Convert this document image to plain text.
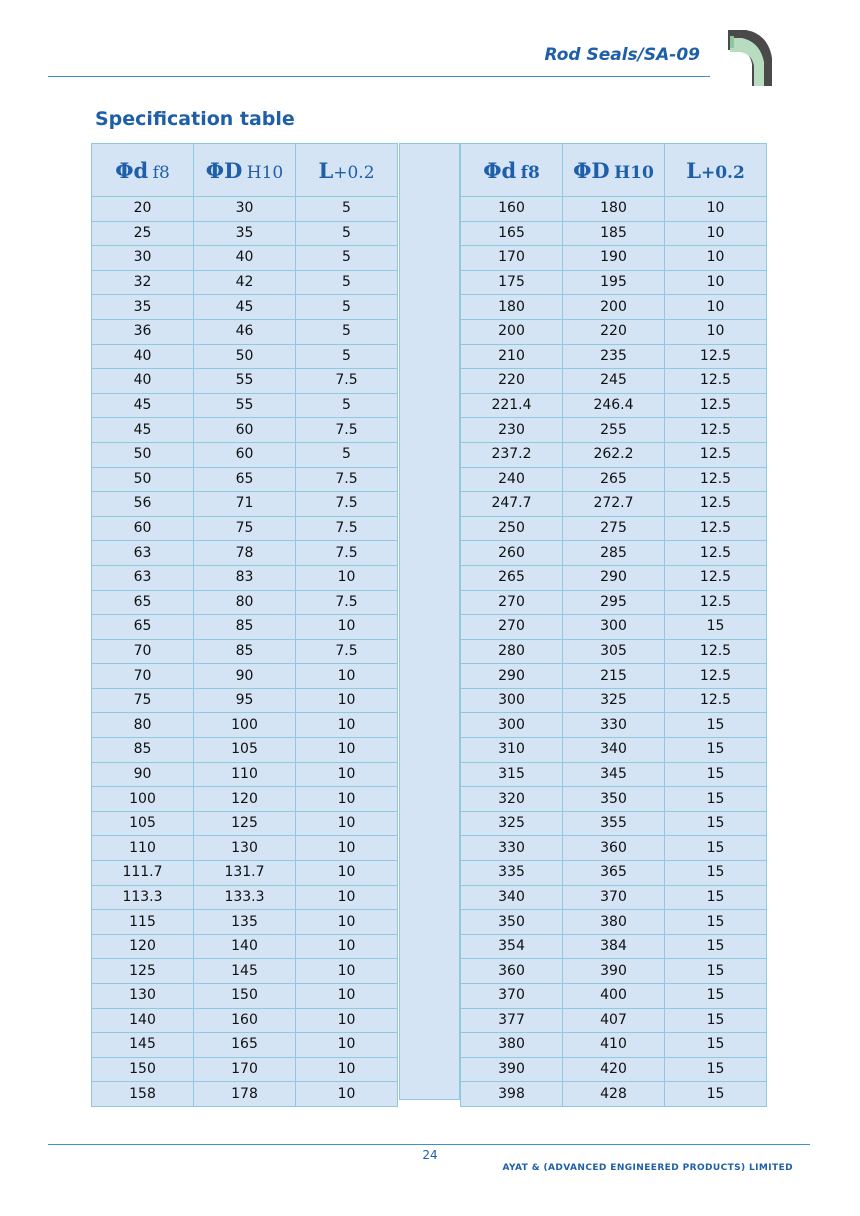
Rod Seals/SA-09
Specification table
Φd f8	ΦD H10	L+0.2
20	30	5
25	35	5
30	40	5
32	42	5
35	45	5
36	46	5
40	50	5
40	55	7.5
45	55	5
45	60	7.5
50	60	5
50	65	7.5
56	71	7.5
60	75	7.5
63	78	7.5
63	83	10
65	80	7.5
65	85	10
70	85	7.5
70	90	10
75	95	10
80	100	10
85	105	10
90	110	10
100	120	10
105	125	10
110	130	10
111.7	131.7	10
113.3	133.3	10
115	135	10
120	140	10
125	145	10
130	150	10
140	160	10
145	165	10
150	170	10
158	178	10
Φd f8	ΦD H10	L+0.2
160	180	10
165	185	10
170	190	10
175	195	10
180	200	10
200	220	10
210	235	12.5
220	245	12.5
221.4	246.4	12.5
230	255	12.5
237.2	262.2	12.5
240	265	12.5
247.7	272.7	12.5
250	275	12.5
260	285	12.5
265	290	12.5
270	295	12.5
270	300	15
280	305	12.5
290	215	12.5
300	325	12.5
300	330	15
310	340	15
315	345	15
320	350	15
325	355	15
330	360	15
335	365	15
340	370	15
350	380	15
354	384	15
360	390	15
370	400	15
377	407	15
380	410	15
390	420	15
398	428	15
24
AYAT & (ADVANCED ENGINEERED PRODUCTS) LIMITED
